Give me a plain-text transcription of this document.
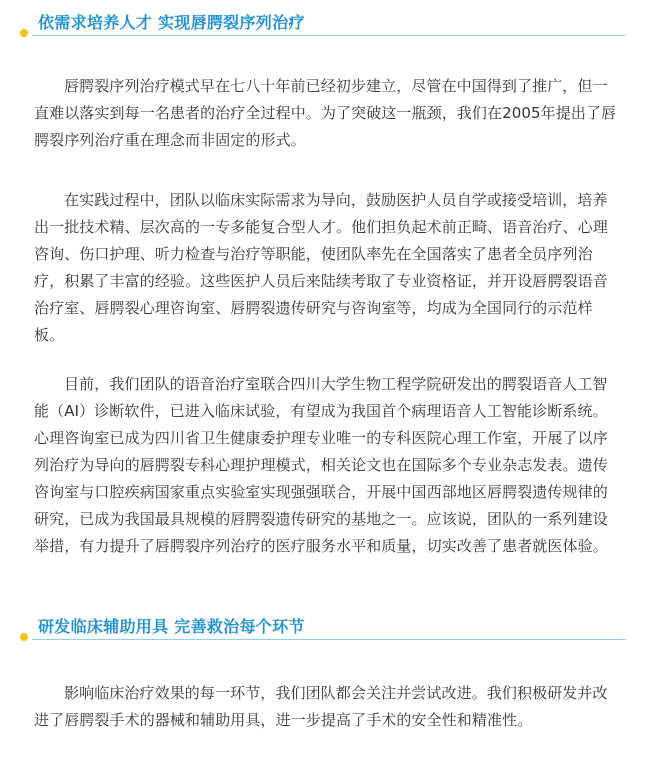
依需求培养人才 实现唇腭裂序列治疗

唇腭裂序列治疗模式早在七八十年前已经初步建立，尽管在中国得到了推广，但一直难以落实到每一名患者的治疗全过程中。为了突破这一瓶颈，我们在2005年提出了唇腭裂序列治疗重在理念而非固定的形式。

在实践过程中，团队以临床实际需求为导向，鼓励医护人员自学或接受培训，培养出一批技术精、层次高的一专多能复合型人才。他们担负起术前正畸、语音治疗、心理咨询、伤口护理、听力检查与治疗等职能，使团队率先在全国落实了患者全员序列治疗，积累了丰富的经验。这些医护人员后来陆续考取了专业资格证，并开设唇腭裂语音治疗室、唇腭裂心理咨询室、唇腭裂遗传研究与咨询室等，均成为全国同行的示范样板。

目前，我们团队的语音治疗室联合四川大学生物工程学院研发出的腭裂语音人工智能（AI）诊断软件，已进入临床试验，有望成为我国首个病理语音人工智能诊断系统。心理咨询室已成为四川省卫生健康委护理专业唯一的专科医院心理工作室，开展了以序列治疗为导向的唇腭裂专科心理护理模式，相关论文也在国际多个专业杂志发表。遗传咨询室与口腔疾病国家重点实验室实现强强联合，开展中国西部地区唇腭裂遗传规律的研究，已成为我国最具规模的唇腭裂遗传研究的基地之一。应该说，团队的一系列建设举措，有力提升了唇腭裂序列治疗的医疗服务水平和质量，切实改善了患者就医体验。

研发临床辅助用具 完善救治每个环节

影响临床治疗效果的每一环节，我们团队都会关注并尝试改进。我们积极研发并改进了唇腭裂手术的器械和辅助用具，进一步提高了手术的安全性和精准性。
